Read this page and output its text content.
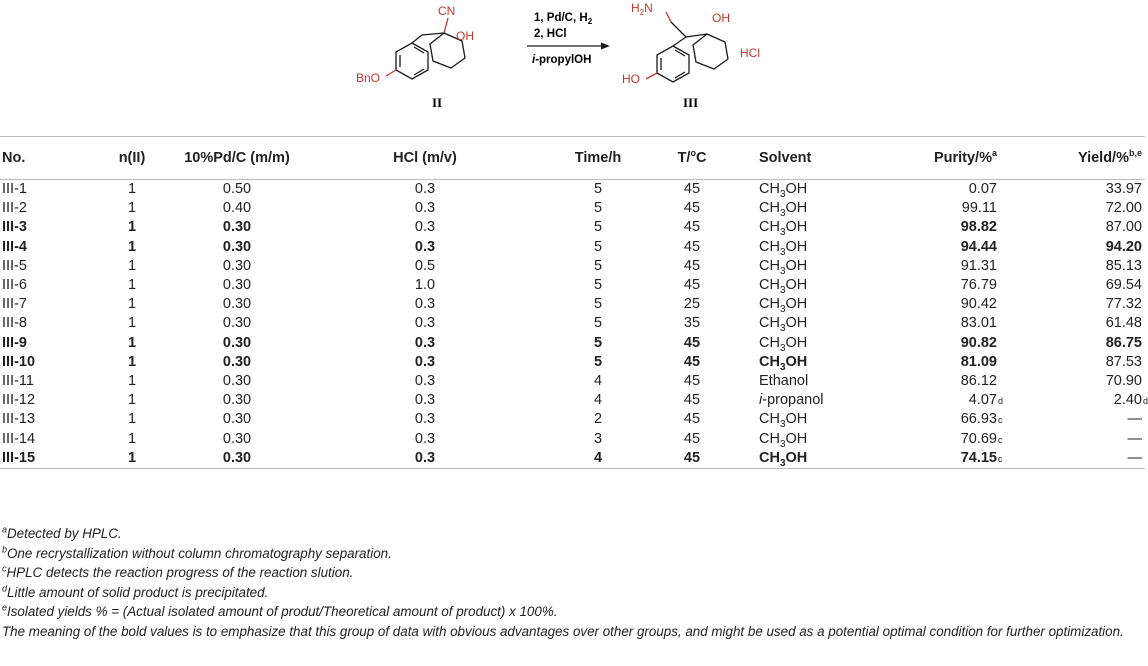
CN
OH
BnO
II
1, Pd/C, $H_2$
2, HCl
i-propylOH
$H_2N$
OH
HO
HCl
III
No.	n(II)	10%Pd/C (m/m)	HCl (m/v)	Time/h	T/$^o$C	Solvent	Purity/%$^a$	Yield/%$^{b,e}$
III-1	1	0.50	0.3	5	45	$CH_3OH$	0.07	33.97
III-2	1	0.40	0.3	5	45	$CH_3OH$	99.11	72.00
III-3	1	0.30	0.3	5	45	$CH_3OH$	98.82	87.00
III-4	1	0.30	0.3	5	45	$CH_3OH$	94.44	94.20
III-5	1	0.30	0.5	5	45	$CH_3OH$	91.31	85.13
III-6	1	0.30	1.0	5	45	$CH_3OH$	76.79	69.54
III-7	1	0.30	0.3	5	25	$CH_3OH$	90.42	77.32
III-8	1	0.30	0.3	5	35	$CH_3OH$	83.01	61.48
III-9	1	0.30	0.3	5	45	$CH_3OH$	90.82	86.75
III-10	1	0.30	0.3	5	45	$CH_3OH$	81.09	87.53
III-11	1	0.30	0.3	4	45	Ethanol	86.12	70.90
III-12	1	0.30	0.3	4	45	i-propanol	4.07 d	2.40 d

III-13	1	0.30	0.3	2	45	$CH_3OH$	66.93 c	—
III-14	1	0.30	0.3	3	45	$CH_3OH$	70.69 c	—
III-15	1	0.30	0.3	4	45	$CH_3OH$	74.15 c	—
$^a$Detected by HPLC.
$^b$One recrystallization without column chromatography separation.
$^c$HPLC detects the reaction progress of the reaction slution.
$^d$Little amount of solid product is precipitated.
$^e$Isolated yields % = (Actual isolated amount of produt/Theoretical amount of product) x 100%.
The meaning of the bold values is to emphasize that this group of data with obvious advantages over other groups, and might be used as a potential optimal condition for further optimization.
